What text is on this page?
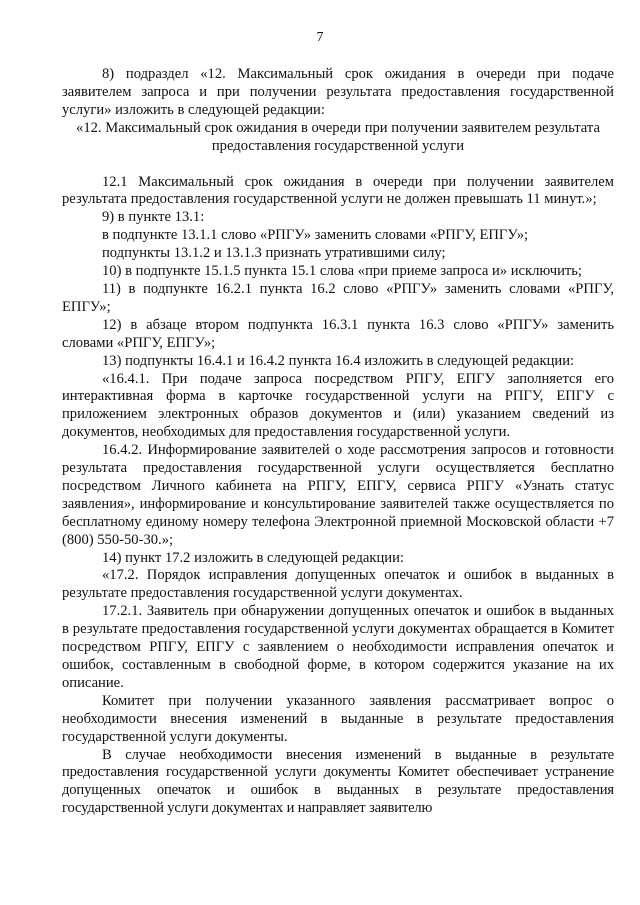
7

8) подраздел «12. Максимальный срок ожидания в очереди при подаче заявителем запроса и при получении результата предоставления государственной услуги» изложить в следующей редакции:

«12. Максимальный срок ожидания в очереди при получении заявителем результата предоставления государственной услуги

12.1 Максимальный срок ожидания в очереди при получении заявителем результата предоставления государственной услуги не должен превышать 11 минут.»;

9) в пункте 13.1:

в подпункте 13.1.1 слово «РПГУ» заменить словами «РПГУ, ЕПГУ»;

подпункты 13.1.2 и 13.1.3 признать утратившими силу;

10) в подпункте 15.1.5 пункта 15.1 слова «при приеме запроса и» исключить;

11) в подпункте 16.2.1 пункта 16.2 слово «РПГУ» заменить словами «РПГУ, ЕПГУ»;

12) в абзаце втором подпункта 16.3.1 пункта 16.3 слово «РПГУ» заменить словами «РПГУ, ЕПГУ»;

13) подпункты 16.4.1 и 16.4.2 пункта 16.4 изложить в следующей редакции:

«16.4.1. При подаче запроса посредством РПГУ, ЕПГУ заполняется его интерактивная форма в карточке государственной услуги на РПГУ, ЕПГУ с приложением электронных образов документов и (или) указанием сведений из документов, необходимых для предоставления государственной услуги.

16.4.2. Информирование заявителей о ходе рассмотрения запросов и готовности результата предоставления государственной услуги осуществляется бесплатно посредством Личного кабинета на РПГУ, ЕПГУ, сервиса РПГУ «Узнать статус заявления», информирование и консультирование заявителей также осуществляется по бесплатному единому номеру телефона Электронной приемной Московской области +7 (800) 550-50-30.»;

14) пункт 17.2 изложить в следующей редакции:

«17.2. Порядок исправления допущенных опечаток и ошибок в выданных в результате предоставления государственной услуги документах.

17.2.1. Заявитель при обнаружении допущенных опечаток и ошибок в выданных в результате предоставления государственной услуги документах обращается в Комитет посредством РПГУ, ЕПГУ с заявлением о необходимости исправления опечаток и ошибок, составленным в свободной форме, в котором содержится указание на их описание.

Комитет при получении указанного заявления рассматривает вопрос о необходимости внесения изменений в выданные в результате предоставления государственной услуги документы.

В случае необходимости внесения изменений в выданные в результате предоставления государственной услуги документы Комитет обеспечивает устранение допущенных опечаток и ошибок в выданных в результате предоставления государственной услуги документах и направляет заявителю
